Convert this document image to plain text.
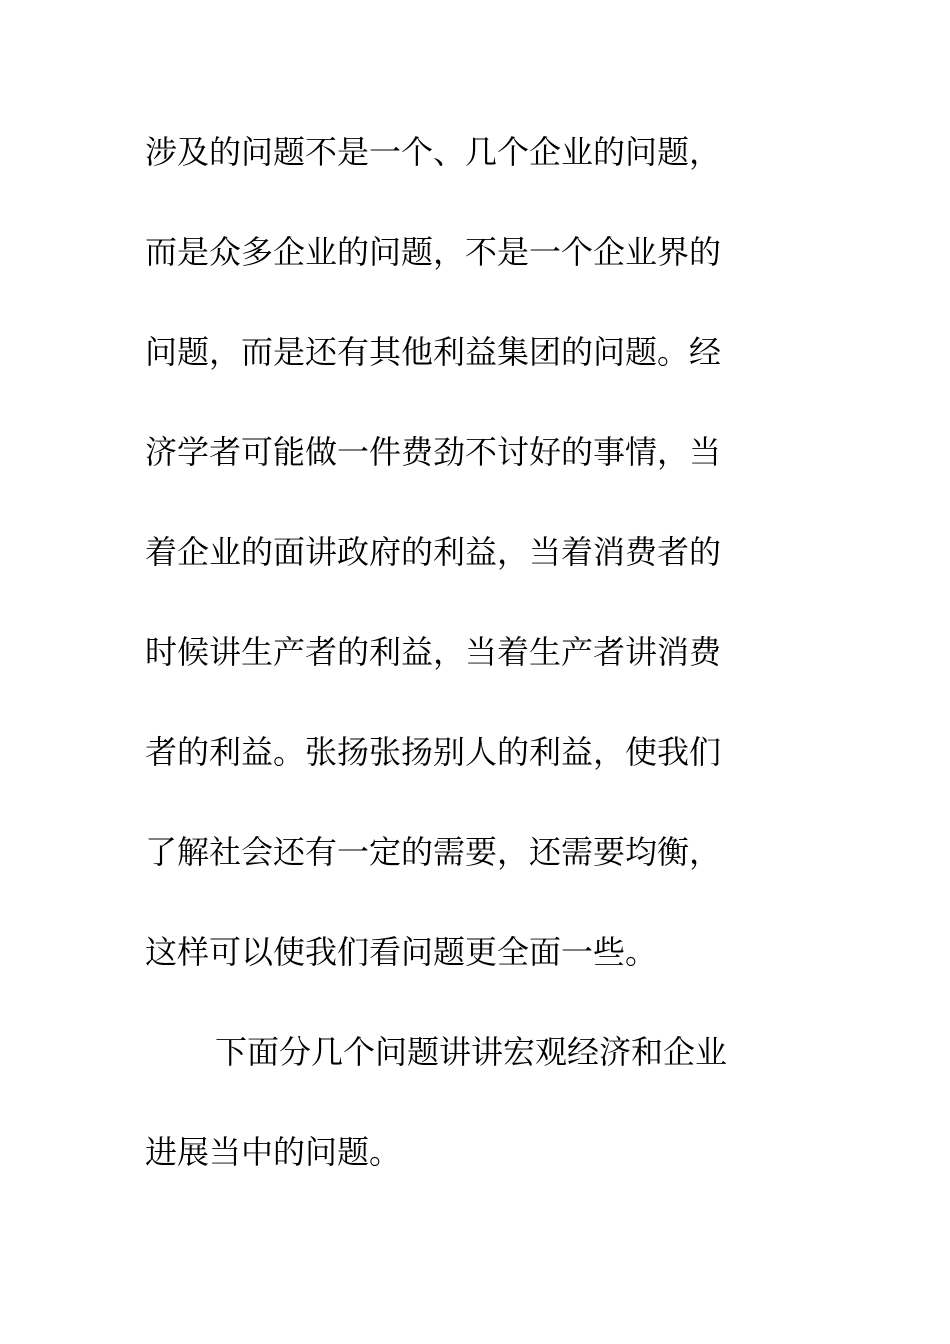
涉及的问题不是一个、几个企业的问题，
而是众多企业的问题，不是一个企业界的
问题，而是还有其他利益集团的问题。经
济学者可能做一件费劲不讨好的事情，当
着企业的面讲政府的利益，当着消费者的
时候讲生产者的利益，当着生产者讲消费
者的利益。张扬张扬别人的利益，使我们
了解社会还有一定的需要，还需要均衡，
这样可以使我们看问题更全面一些。
下面分几个问题讲讲宏观经济和企业
进展当中的问题。
